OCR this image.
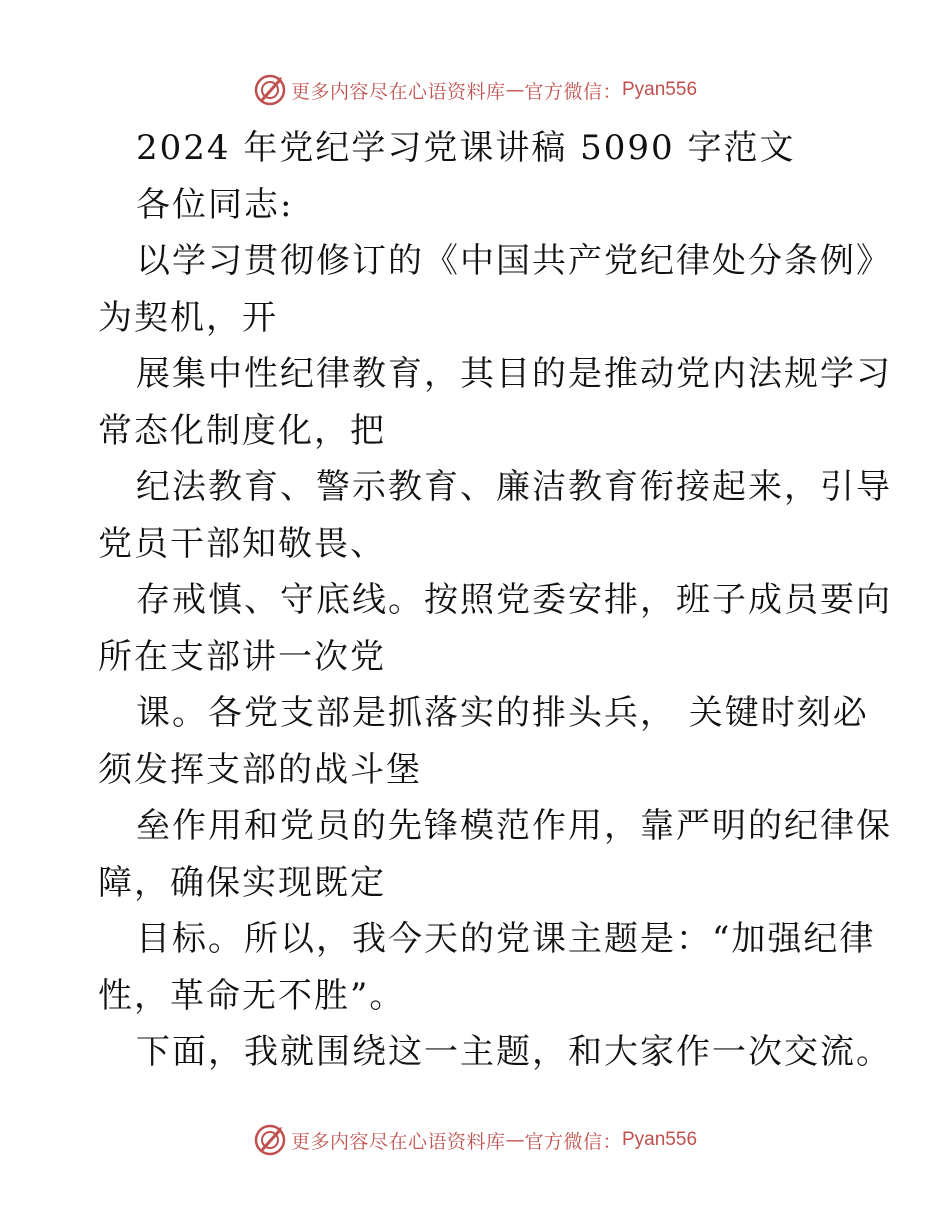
更多内容尽在心语资料库 — 官方微信： Pyan556
2024 年党纪学习党课讲稿 5090 字范文
各位同志:
以学习贯彻修订的《中国共产党纪律处分条例》
为契机，开
展集中性纪律教育，其目的是推动党内法规学习
常态化制度化，把
纪法教育、警示教育、廉洁教育衔接起来，引导
党员干部知敬畏、
存戒慎、守底线。按照党委安排，班子成员要向
所在支部讲一次党
课。各党支部是抓落实的排头兵， 关键时刻必
须发挥支部的战斗堡
垒作用和党员的先锋模范作用，靠严明的纪律保
障，确保实现既定
目标。所以，我今天的党课主题是：“加强纪律
性，革命无不胜”。
下面，我就围绕这一主题，和大家作一次交流。
更多内容尽在心语资料库 — 官方微信： Pyan556
